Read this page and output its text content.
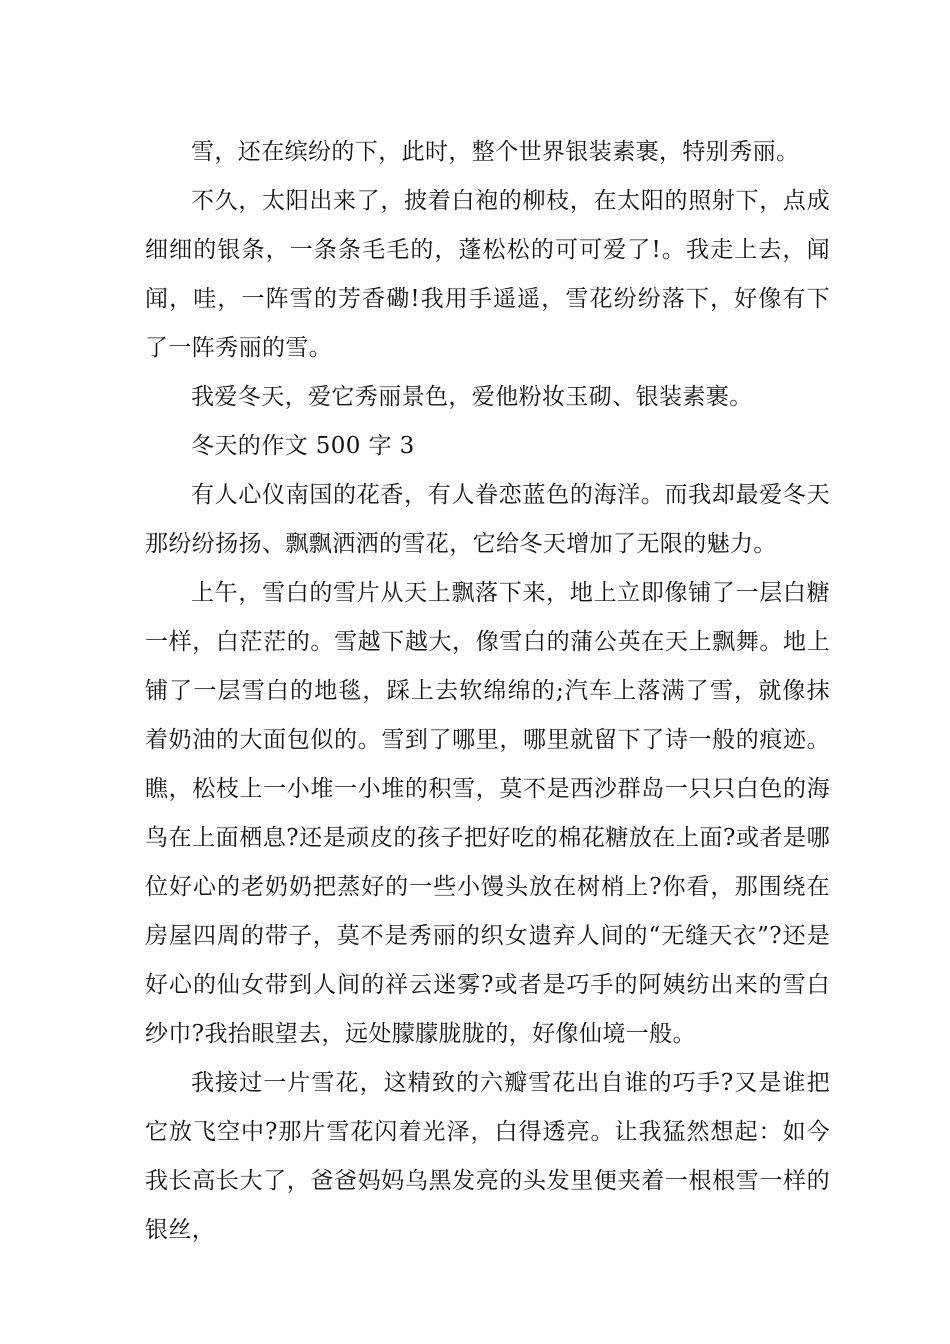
雪，还在缤纷的下，此时，整个世界银装素裹，特别秀丽。

不久，太阳出来了，披着白袍的柳枝，在太阳的照射下，点成细细的银条，一条条毛毛的，蓬松松的可可爱了!。我走上去，闻闻，哇，一阵雪的芳香磡!我用手遥遥，雪花纷纷落下，好像有下了一阵秀丽的雪。

我爱冬天，爱它秀丽景色，爱他粉妆玉砌、银装素裹。

冬天的作文 500 字 3

有人心仪南国的花香，有人眷恋蓝色的海洋。而我却最爱冬天那纷纷扬扬、飘飘洒洒的雪花，它给冬天增加了无限的魅力。

上午，雪白的雪片从天上飘落下来，地上立即像铺了一层白糖一样，白茫茫的。雪越下越大，像雪白的蒲公英在天上飘舞。地上铺了一层雪白的地毯，踩上去软绵绵的;汽车上落满了雪，就像抹着奶油的大面包似的。雪到了哪里，哪里就留下了诗一般的痕迹。瞧，松枝上一小堆一小堆的积雪，莫不是西沙群岛一只只白色的海鸟在上面栖息?还是顽皮的孩子把好吃的棉花糖放在上面?或者是哪位好心的老奶奶把蒸好的一些小馒头放在树梢上?你看，那围绕在房屋四周的带子，莫不是秀丽的织女遗弃人间的“无缝天衣”?还是好心的仙女带到人间的祥云迷雾?或者是巧手的阿姨纺出来的雪白纱巾?我抬眼望去，远处朦朦胧胧的，好像仙境一般。

我接过一片雪花，这精致的六瓣雪花出自谁的巧手?又是谁把它放飞空中?那片雪花闪着光泽，白得透亮。让我猛然想起：如今我长高长大了，爸爸妈妈乌黑发亮的头发里便夹着一根根雪一样的银丝，
